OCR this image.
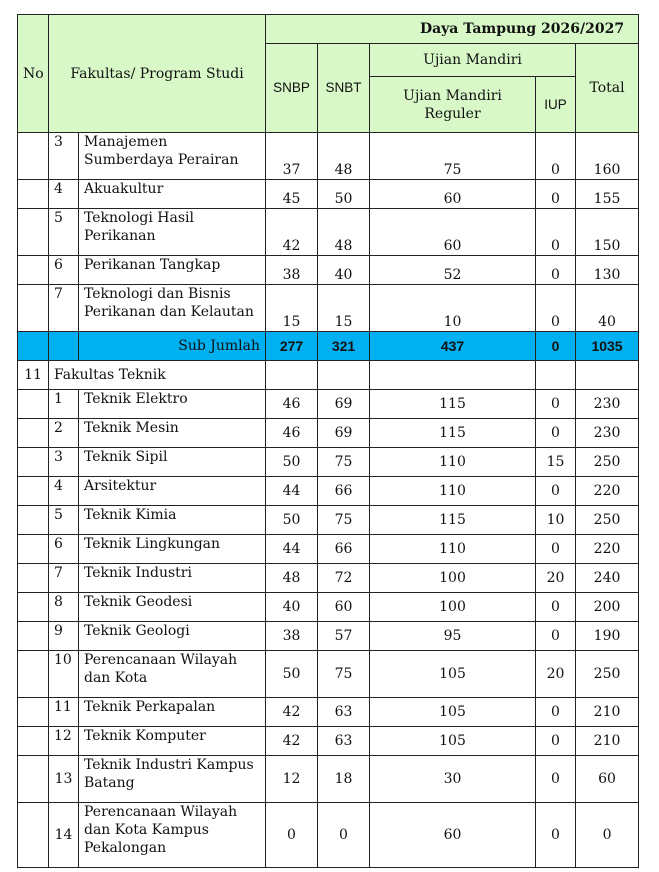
No	Fakultas/ Program Studi		Daya Tampung 2026/2027				
			SNBP	SNBT	Ujian Mandiri		Total
					Ujian Mandiri Reguler	IUP	
	3	Manajemen Sumberdaya Perairan	37	48	75	0	160
	4	Akuakultur	45	50	60	0	155
	5	Teknologi Hasil Perikanan	42	48	60	0	150
	6	Perikanan Tangkap	38	40	52	0	130
	7	Teknologi dan Bisnis Perikanan dan Kelautan	15	15	10	0	40
		Sub Jumlah	277	321	437	0	1035
11	Fakultas Teknik						
	1	Teknik Elektro	46	69	115	0	230
	2	Teknik Mesin	46	69	115	0	230
	3	Teknik Sipil	50	75	110	15	250
	4	Arsitektur	44	66	110	0	220
	5	Teknik Kimia	50	75	115	10	250
	6	Teknik Lingkungan	44	66	110	0	220
	7	Teknik Industri	48	72	100	20	240
	8	Teknik Geodesi	40	60	100	0	200
	9	Teknik Geologi	38	57	95	0	190
	10	Perencanaan Wilayah dan Kota	50	75	105	20	250
	11	Teknik Perkapalan	42	63	105	0	210
	12	Teknik Komputer	42	63	105	0	210
	13	Teknik Industri Kampus Batang	12	18	30	0	60
	14	Perencanaan Wilayah dan Kota Kampus Pekalongan	0	0	60	0	0
